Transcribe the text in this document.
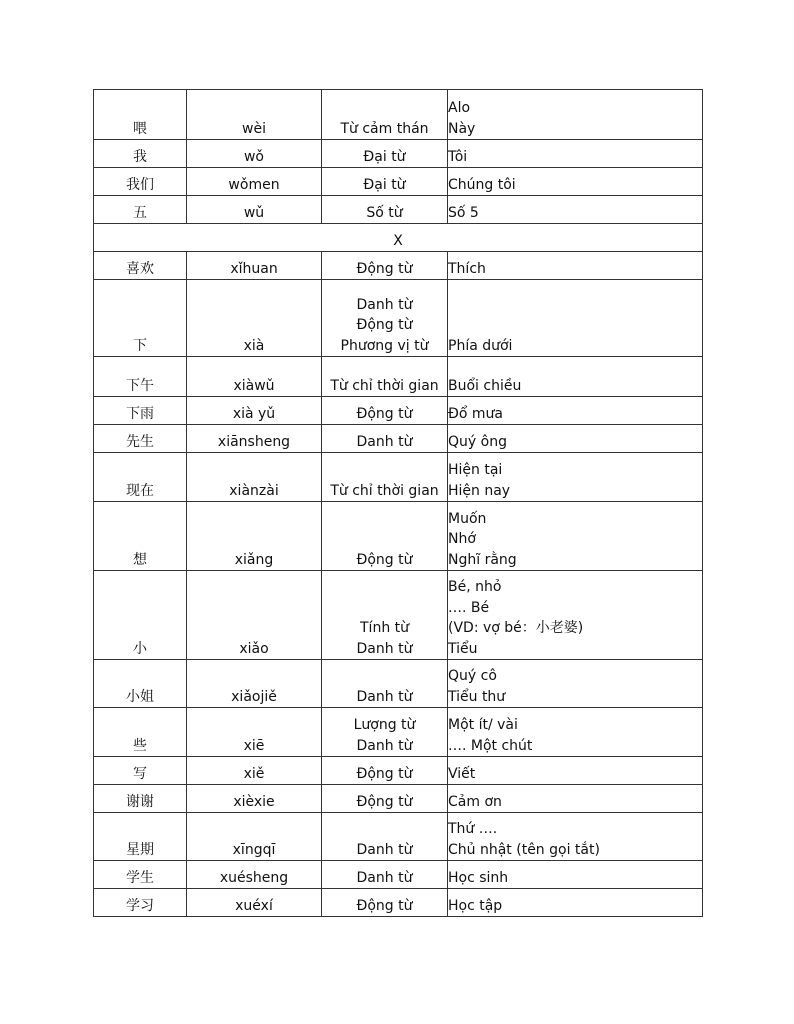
喂	wèi	Từ cảm thán	Alo
Này

我	wǒ	Đại từ	Tôi

我们	wǒmen	Đại từ	Chúng tôi

五	wǔ	Số từ	Số 5

X			

喜欢	xǐhuan	Động từ	Thích

下	xià	Danh từ
Động từ
Phương vị từ	Phía dưới

下午	xiàwǔ	Từ chỉ thời gian	Buổi chiều

下雨	xià yǔ	Động từ	Đổ mưa

先生	xiānsheng	Danh từ	Quý ông

现在	xiànzài	Từ chỉ thời gian	Hiện tại
Hiện nay

想	xiǎng	Động từ	Muốn
Nhớ
Nghĩ rằng

小	xiǎo	Tính từ
Danh từ	Bé, nhỏ
…. Bé
(VD: vợ bé：小老婆)
Tiểu

小姐	xiǎojiě	Danh từ	Quý cô
Tiểu thư

些	xiē	Lượng từ
Danh từ	Một ít/ vài
…. Một chút

写	xiě	Động từ	Viết

谢谢	xièxie	Động từ	Cảm ơn

星期	xīngqī	Danh từ	Thứ ….
Chủ nhật (tên gọi tắt)

学生	xuésheng	Danh từ	Học sinh

学习	xuéxí	Động từ	Học tập
